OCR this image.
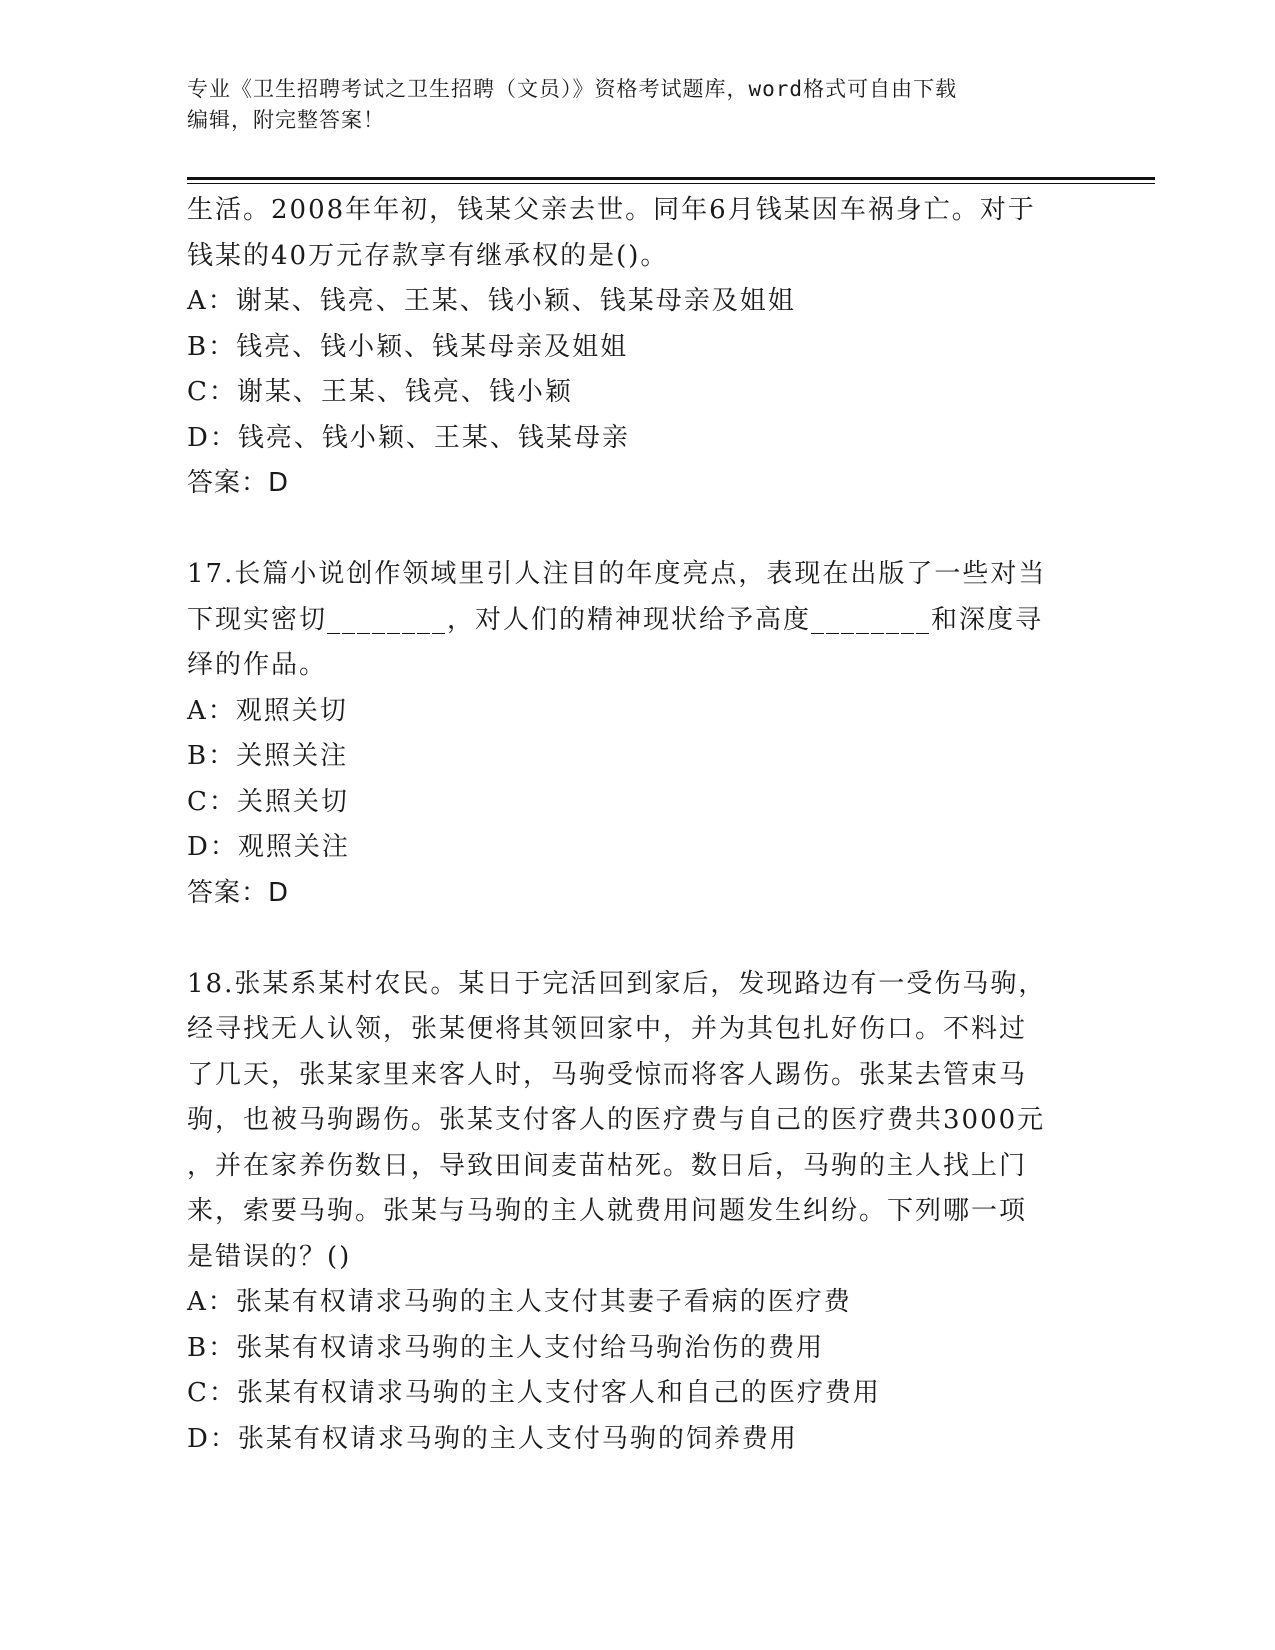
专业《卫生招聘考试之卫生招聘（文员）》资格考试题库，word格式可自由下载
编辑，附完整答案！
生活。2008年年初，钱某父亲去世。同年6月钱某因车祸身亡。对于
钱某的40万元存款享有继承权的是()。
A：谢某、钱亮、王某、钱小颖、钱某母亲及姐姐
B：钱亮、钱小颖、钱某母亲及姐姐
C：谢某、王某、钱亮、钱小颖
D：钱亮、钱小颖、王某、钱某母亲
答案：D
17.长篇小说创作领域里引人注目的年度亮点，表现在出版了一些对当
下现实密切________，对人们的精神现状给予高度________和深度寻
绎的作品。
A：观照关切
B：关照关注
C：关照关切
D：观照关注
答案：D
18.张某系某村农民。某日于完活回到家后，发现路边有一受伤马驹，
经寻找无人认领，张某便将其领回家中，并为其包扎好伤口。不料过
了几天，张某家里来客人时，马驹受惊而将客人踢伤。张某去管束马
驹，也被马驹踢伤。张某支付客人的医疗费与自己的医疗费共3000元
，并在家养伤数日，导致田间麦苗枯死。数日后，马驹的主人找上门
来，索要马驹。张某与马驹的主人就费用问题发生纠纷。下列哪一项
是错误的？()
A：张某有权请求马驹的主人支付其妻子看病的医疗费
B：张某有权请求马驹的主人支付给马驹治伤的费用
C：张某有权请求马驹的主人支付客人和自己的医疗费用
D：张某有权请求马驹的主人支付马驹的饲养费用
